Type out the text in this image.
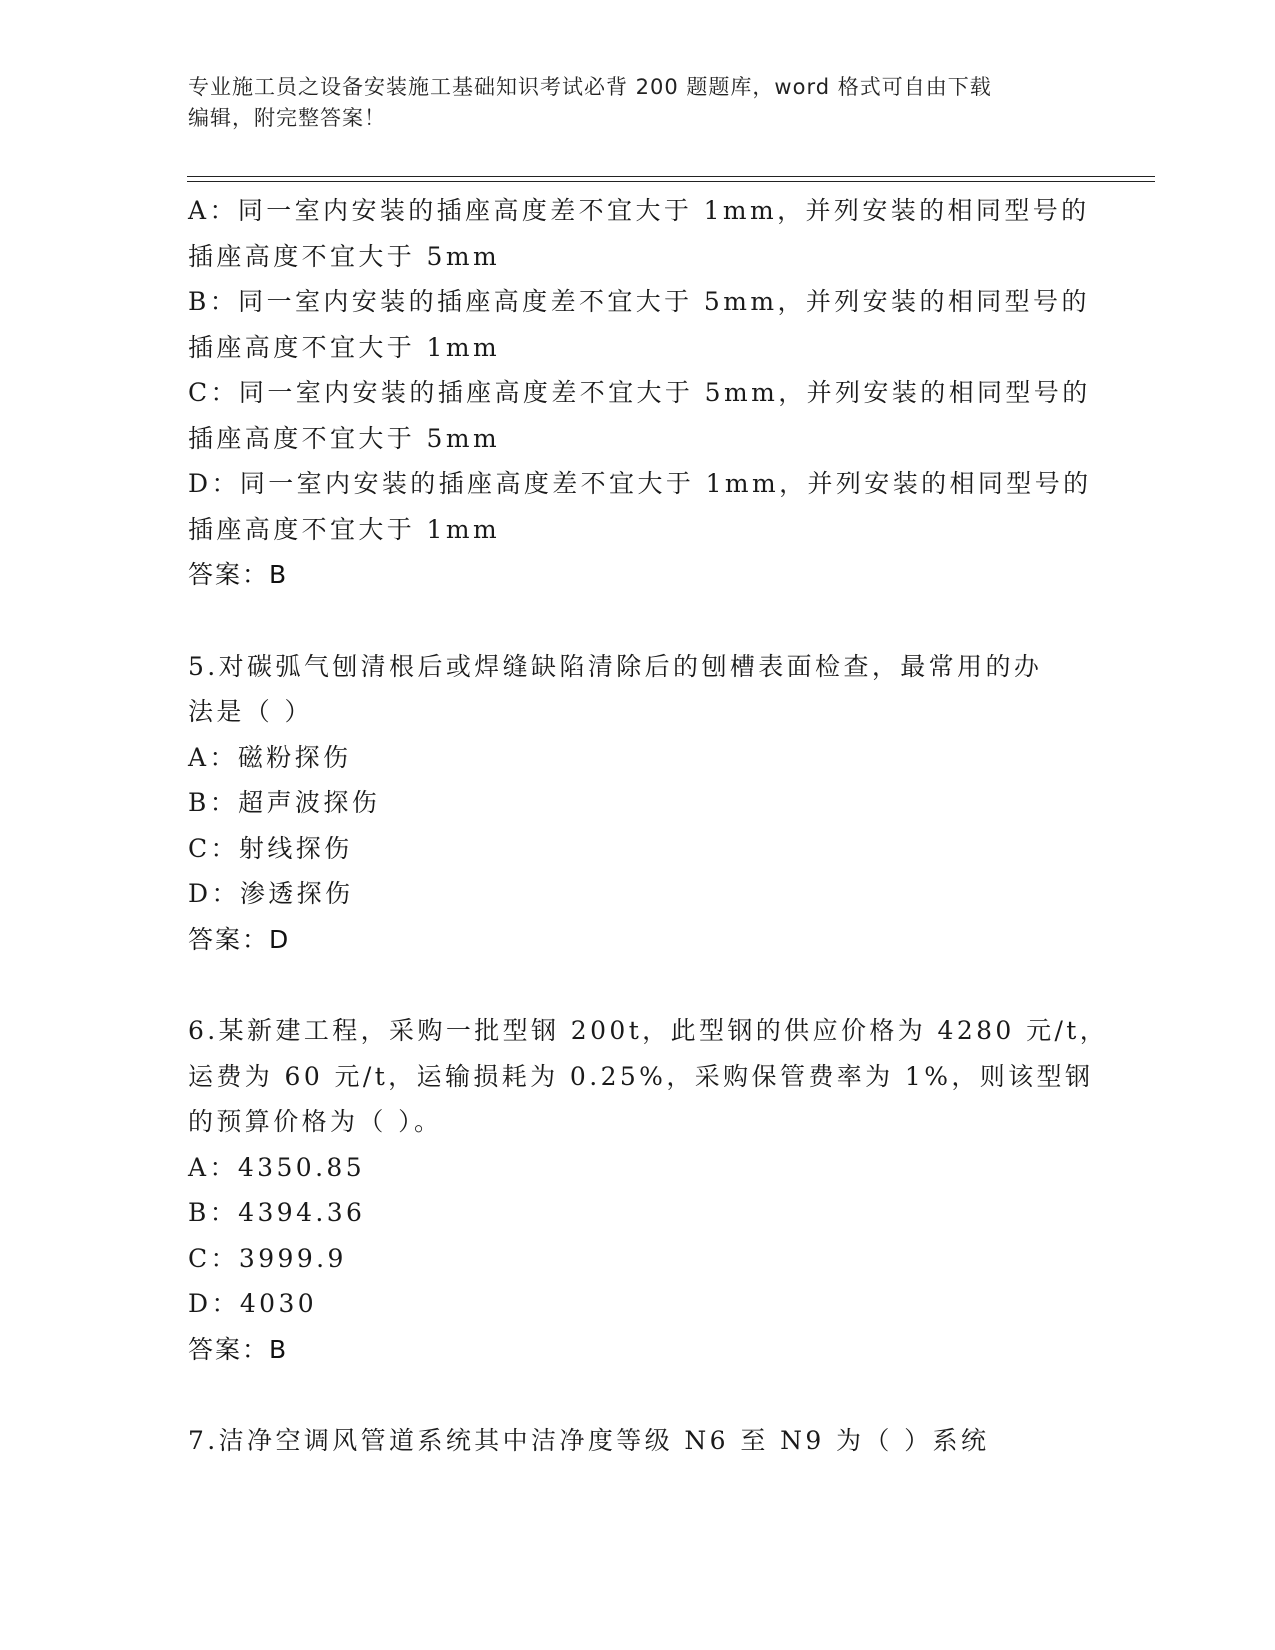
专业施工员之设备安装施工基础知识考试必背 200 题题库，word 格式可自由下载
编辑，附完整答案！
A：同一室内安装的插座高度差不宜大于 1mm，并列安装的相同型号的
插座高度不宜大于 5mm
B：同一室内安装的插座高度差不宜大于 5mm，并列安装的相同型号的
插座高度不宜大于 1mm
C：同一室内安装的插座高度差不宜大于 5mm，并列安装的相同型号的
插座高度不宜大于 5mm
D：同一室内安装的插座高度差不宜大于 1mm，并列安装的相同型号的
插座高度不宜大于 1mm
答案：B
5.对碳弧气刨清根后或焊缝缺陷清除后的刨槽表面检查，最常用的办
法是（ ）
A：磁粉探伤
B：超声波探伤
C：射线探伤
D：渗透探伤
答案：D
6.某新建工程，采购一批型钢 200t，此型钢的供应价格为 4280 元/t，
运费为 60 元/t，运输损耗为 0.25%，采购保管费率为 1%，则该型钢
的预算价格为（ ）。
A：4350.85
B：4394.36
C：3999.9
D：4030
答案：B
7.洁净空调风管道系统其中洁净度等级 N6 至 N9 为（ ）系统
